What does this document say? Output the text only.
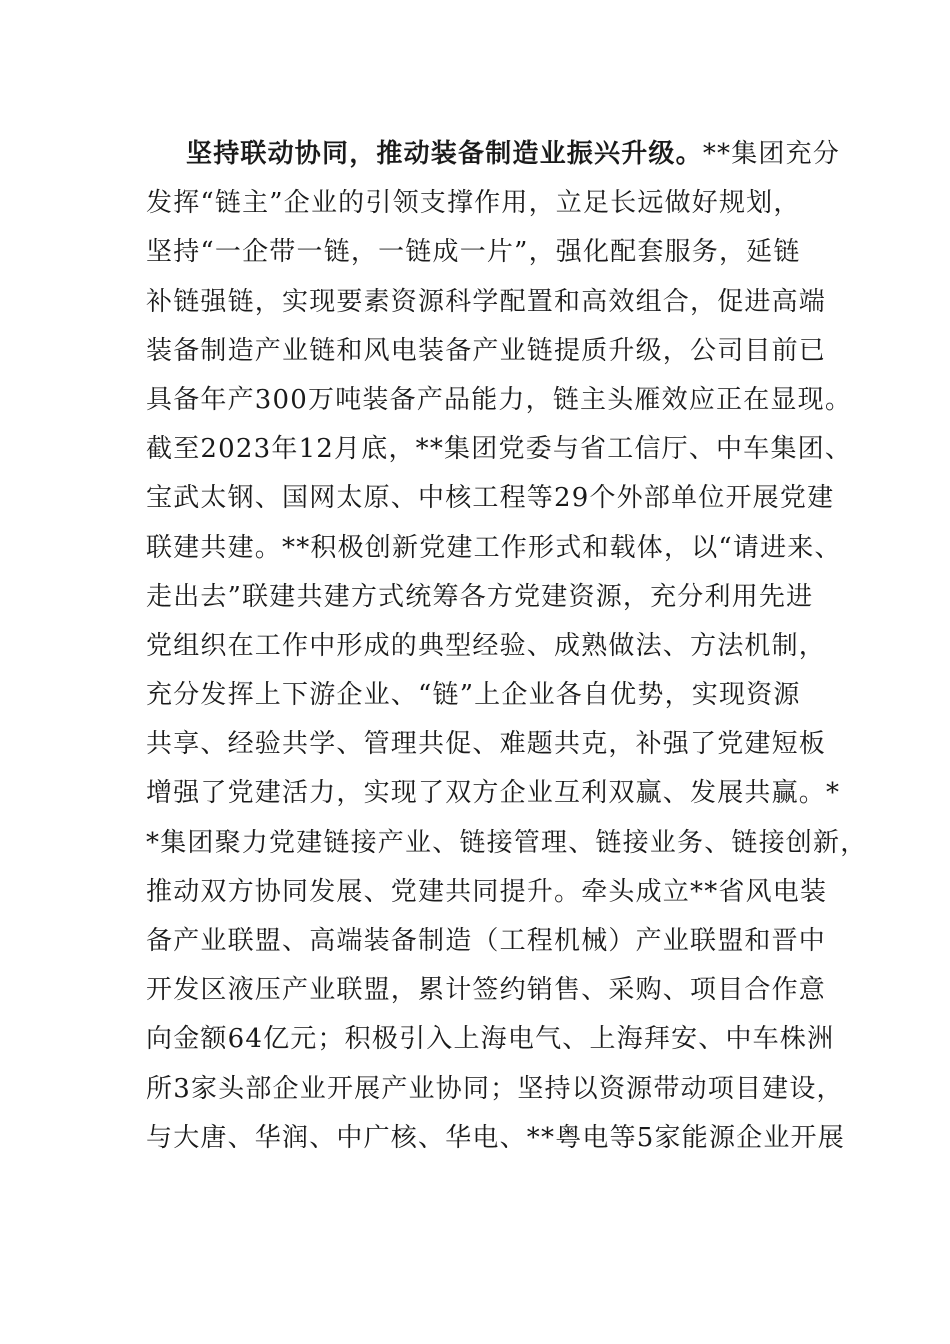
坚持联动协同，推动装备制造业振兴升级。**集团充分
发挥“链主”企业的引领支撑作用，立足长远做好规划，
坚持“一企带一链，一链成一片”，强化配套服务，延链
补链强链，实现要素资源科学配置和高效组合，促进高端
装备制造产业链和风电装备产业链提质升级，公司目前已
具备年产300万吨装备产品能力，链主头雁效应正在显现。
截至2023年12月底，**集团党委与省工信厅、中车集团、
宝武太钢、国网太原、中核工程等29个外部单位开展党建
联建共建。**积极创新党建工作形式和载体，以“请进来、
走出去”联建共建方式统筹各方党建资源，充分利用先进
党组织在工作中形成的典型经验、成熟做法、方法机制，
充分发挥上下游企业、“链”上企业各自优势，实现资源
共享、经验共学、管理共促、难题共克，补强了党建短板
增强了党建活力，实现了双方企业互利双赢、发展共赢。*
*集团聚力党建链接产业、链接管理、链接业务、链接创新，
推动双方协同发展、党建共同提升。牵头成立**省风电装
备产业联盟、高端装备制造（工程机械）产业联盟和晋中
开发区液压产业联盟，累计签约销售、采购、项目合作意
向金额64亿元；积极引入上海电气、上海拜安、中车株洲
所3家头部企业开展产业协同；坚持以资源带动项目建设，
与大唐、华润、中广核、华电、**粤电等5家能源企业开展
